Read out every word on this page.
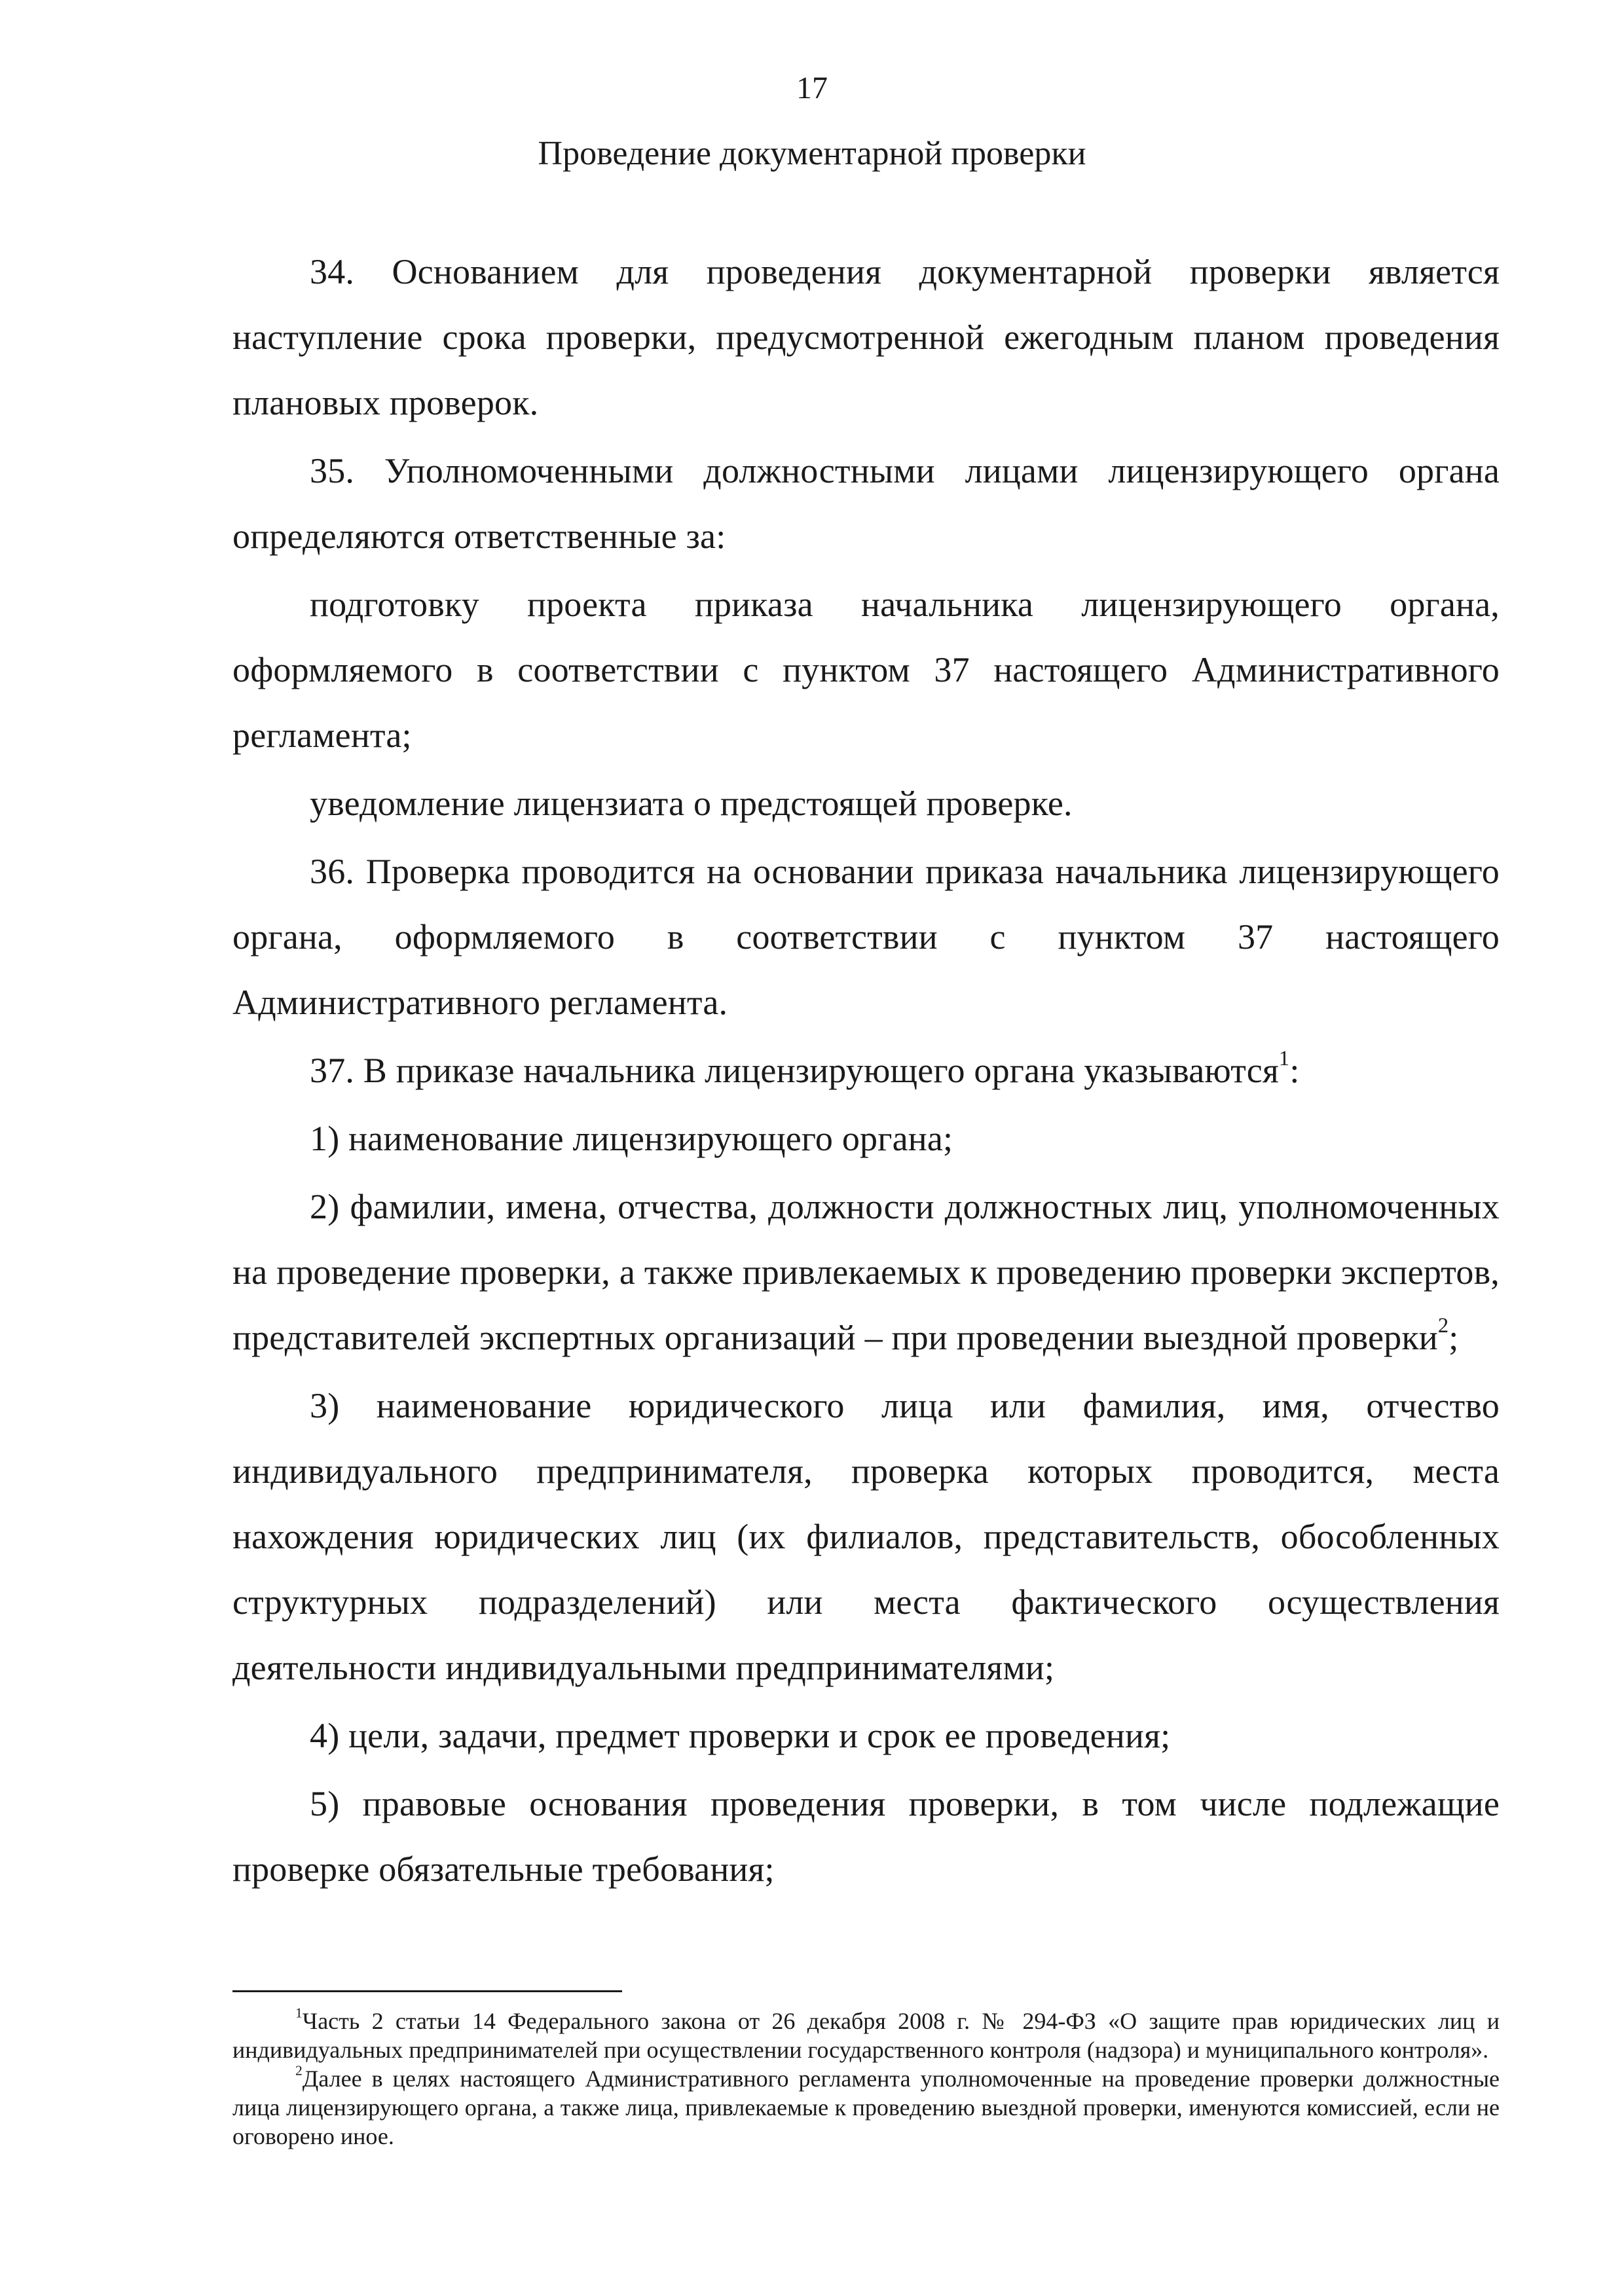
17
Проведение документарной проверки

34. Основанием для проведения документарной проверки является наступление срока проверки, предусмотренной ежегодным планом проведения плановых проверок.

35. Уполномоченными должностными лицами лицензирующего органа определяются ответственные за:

подготовку проекта приказа начальника лицензирующего органа, оформляемого в соответствии с пунктом 37 настоящего Административного регламента;

уведомление лицензиата о предстоящей проверке.

36. Проверка проводится на основании приказа начальника лицензирующего органа, оформляемого в соответствии с пунктом 37 настоящего Административного регламента.

37. В приказе начальника лицензирующего органа указываются$^1$:

1) наименование лицензирующего органа;

2) фамилии, имена, отчества, должности должностных лиц, уполномоченных на проведение проверки, а также привлекаемых к проведению проверки экспертов, представителей экспертных организаций – при проведении выездной проверки$^2$;

3) наименование юридического лица или фамилия, имя, отчество индивидуального предпринимателя, проверка которых проводится, места нахождения юридических лиц (их филиалов, представительств, обособленных структурных подразделений) или места фактического осуществления деятельности индивидуальными предпринимателями;

4) цели, задачи, предмет проверки и срок ее проведения;

5) правовые основания проведения проверки, в том числе подлежащие проверке обязательные требования;

$^1$Часть 2 статьи 14 Федерального закона от 26 декабря 2008 г. № 294-ФЗ «О защите прав юридических лиц и индивидуальных предпринимателей при осуществлении государственного контроля (надзора) и муниципального контроля».

$^2$Далее в целях настоящего Административного регламента уполномоченные на проведение проверки должностные лица лицензирующего органа, а также лица, привлекаемые к проведению выездной проверки, именуются комиссией, если не оговорено иное.
